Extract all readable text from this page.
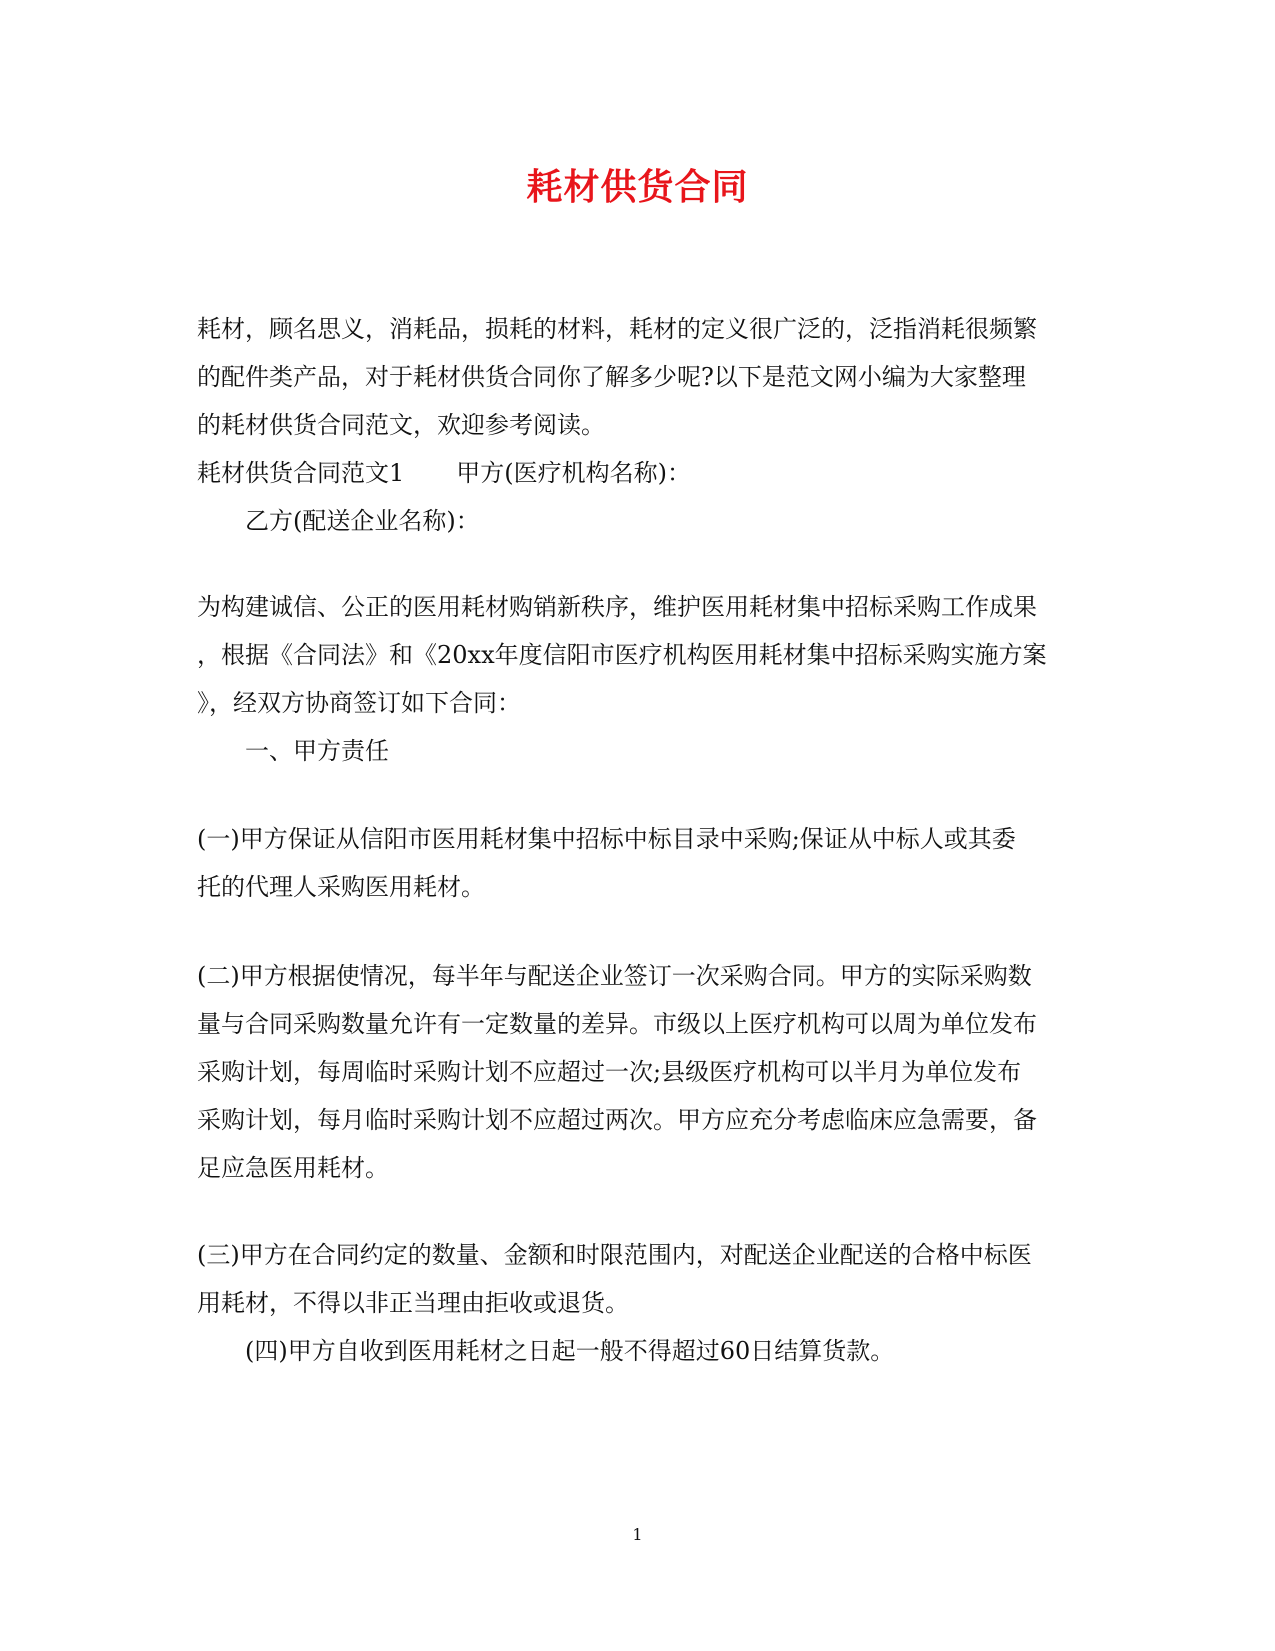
耗材供货合同
耗材，顾名思义，消耗品，损耗的材料，耗材的定义很广泛的，泛指消耗很频繁
的配件类产品，对于耗材供货合同你了解多少呢?以下是范文网小编为大家整理
的耗材供货合同范文，欢迎参考阅读。
耗材供货合同范文1 甲方(医疗机构名称)：
乙方(配送企业名称)：
为构建诚信、公正的医用耗材购销新秩序，维护医用耗材集中招标采购工作成果
，根据《合同法》和《20xx年度信阳市医疗机构医用耗材集中招标采购实施方案
》，经双方协商签订如下合同：
一、甲方责任
(一)甲方保证从信阳市医用耗材集中招标中标目录中采购;保证从中标人或其委
托的代理人采购医用耗材。
(二)甲方根据使情况，每半年与配送企业签订一次采购合同。甲方的实际采购数
量与合同采购数量允许有一定数量的差异。市级以上医疗机构可以周为单位发布
采购计划，每周临时采购计划不应超过一次;县级医疗机构可以半月为单位发布
采购计划，每月临时采购计划不应超过两次。甲方应充分考虑临床应急需要，备
足应急医用耗材。
(三)甲方在合同约定的数量、金额和时限范围内，对配送企业配送的合格中标医
用耗材，不得以非正当理由拒收或退货。
(四)甲方自收到医用耗材之日起一般不得超过60日结算货款。
1
